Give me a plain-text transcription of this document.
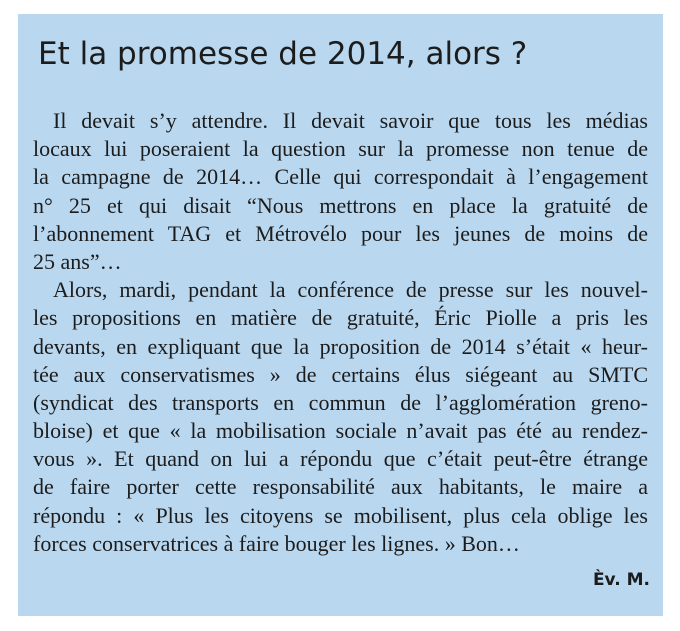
Et la promesse de 2014, alors ?
Il devait s’y attendre. Il devait savoir que tous les médias
locaux lui poseraient la question sur la promesse non tenue de
la campagne de 2014… Celle qui correspondait à l’engagement
n° 25 et qui disait “Nous mettrons en place la gratuité de
l’abonnement TAG et Métrovélo pour les jeunes de moins de
25 ans”…
Alors, mardi, pendant la conférence de presse sur les nouvel-
les propositions en matière de gratuité, Éric Piolle a pris les
devants, en expliquant que la proposition de 2014 s’était « heur-
tée aux conservatismes » de certains élus siégeant au SMTC
(syndicat des transports en commun de l’agglomération greno-
bloise) et que « la mobilisation sociale n’avait pas été au rendez-
vous ». Et quand on lui a répondu que c’était peut-être étrange
de faire porter cette responsabilité aux habitants, le maire a
répondu : « Plus les citoyens se mobilisent, plus cela oblige les
forces conservatrices à faire bouger les lignes. » Bon…
Èv. M.
